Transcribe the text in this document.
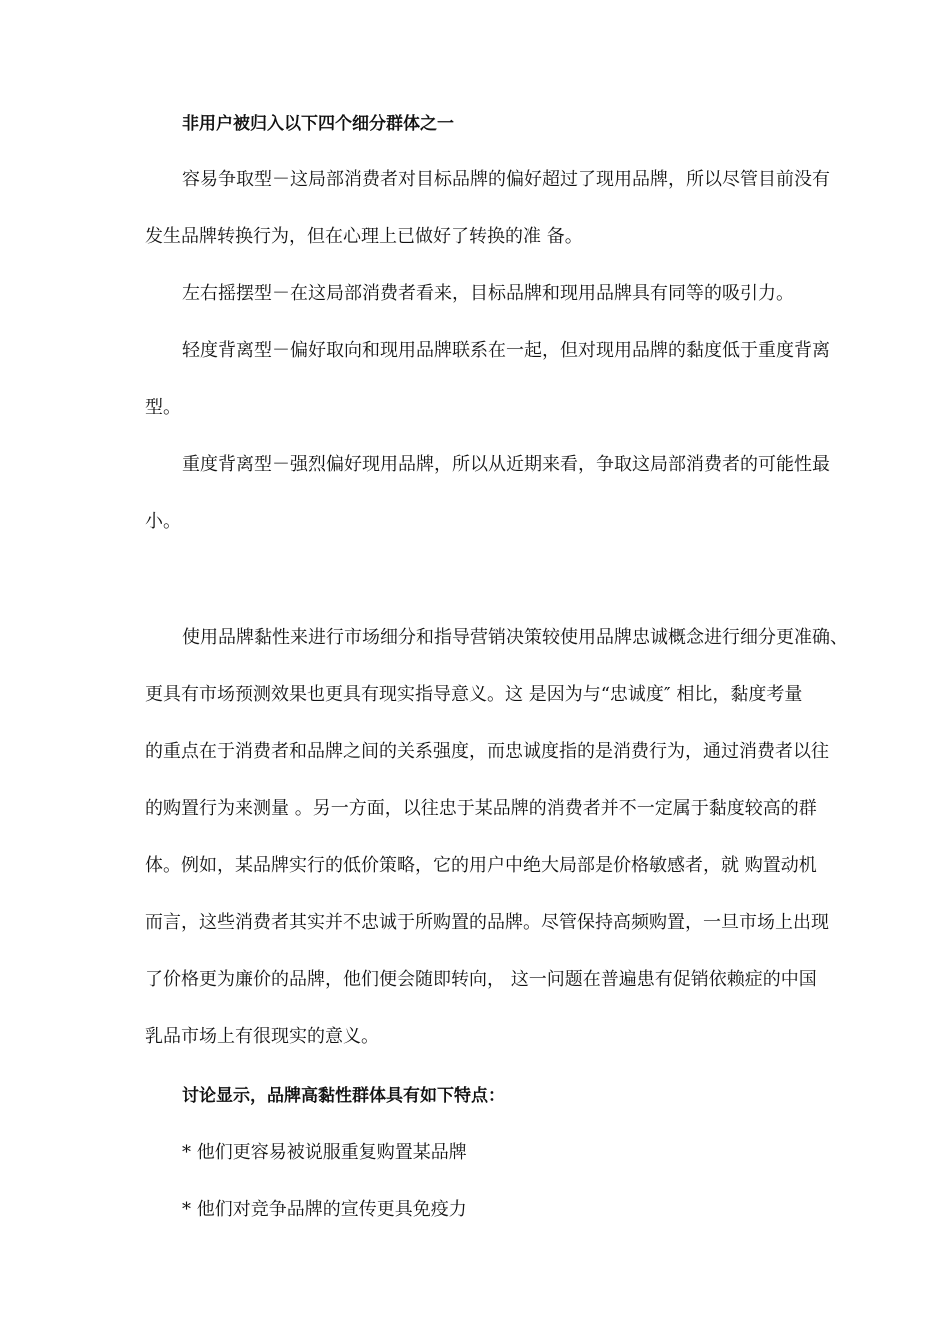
非用户被归入以下四个细分群体之一

容易争取型－这局部消费者对目标品牌的偏好超过了现用品牌，所以尽管目前没有

发生品牌转换行为，但在心理上已做好了转换的准 备。

左右摇摆型－在这局部消费者看来，目标品牌和现用品牌具有同等的吸引力。

轻度背离型－偏好取向和现用品牌联系在一起，但对现用品牌的黏度低于重度背离

型。

重度背离型－强烈偏好现用品牌，所以从近期来看，争取这局部消费者的可能性最

小。

使用品牌黏性来进行市场细分和指导营销决策较使用品牌忠诚概念进行细分更准确、

更具有市场预测效果也更具有现实指导意义。这 是因为与“忠诚度″ 相比，黏度考量

的重点在于消费者和品牌之间的关系强度，而忠诚度指的是消费行为，通过消费者以往

的购置行为来测量 。另一方面，以往忠于某品牌的消费者并不一定属于黏度较高的群

体。例如，某品牌实行的低价策略，它的用户中绝大局部是价格敏感者，就 购置动机

而言，这些消费者其实并不忠诚于所购置的品牌。尽管保持高频购置，一旦市场上出现

了价格更为廉价的品牌，他们便会随即转向， 这一问题在普遍患有促销依赖症的中国

乳品市场上有很现实的意义。

讨论显示，品牌高黏性群体具有如下特点：

* 他们更容易被说服重复购置某品牌

* 他们对竞争品牌的宣传更具免疫力
